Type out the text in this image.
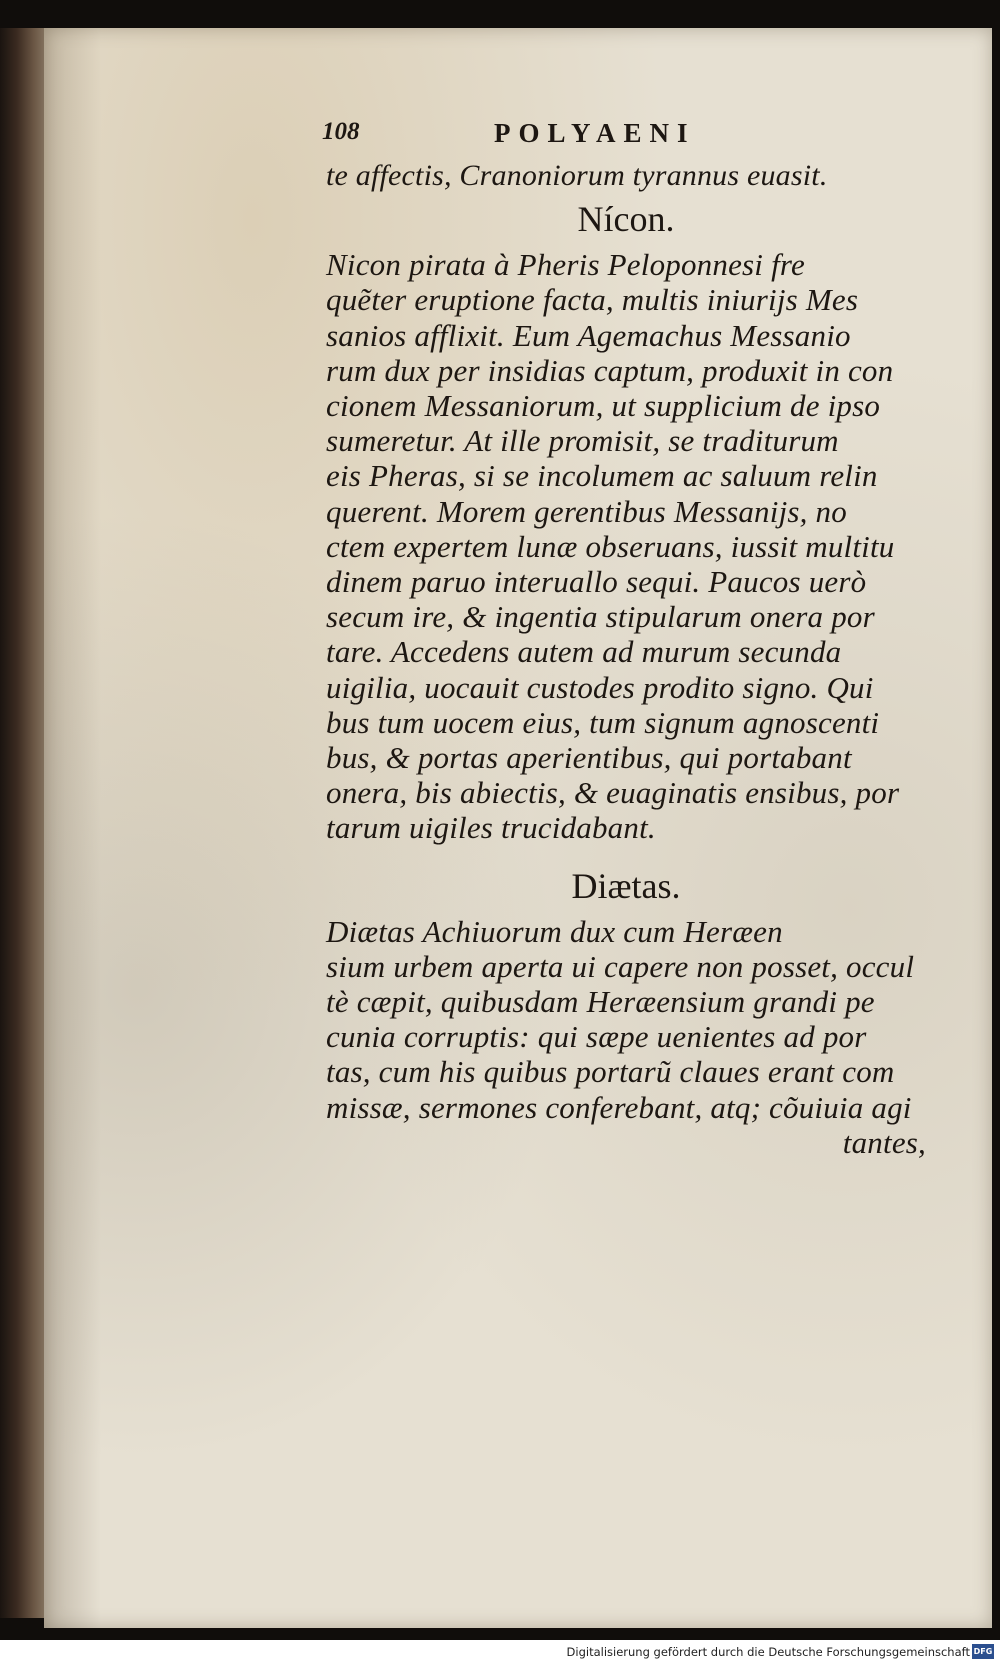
108	POLYAENI
te affectis, Cranoniorum tyrannus euasit.
Nícon.
Nicon pirata à Pheris Peloponnesi fre
quẽter eruptione facta, multis iniurijs Mes
sanios afflixit. Eum Agemachus Messanio
rum dux per insidias captum, produxit in con
cionem Messaniorum, ut supplicium de ipso
sumeretur. At ille promisit, se traditurum
eis Pheras, si se incolumem ac saluum relin
querent. Morem gerentibus Messanijs, no
ctem expertem lunæ obseruans, iussit multitu
dinem paruo interuallo sequi. Paucos uerò
secum ire, & ingentia stipularum onera por
tare. Accedens autem ad murum secunda
uigilia, uocauit custodes prodito signo. Qui
bus tum uocem eius, tum signum agnoscenti
bus, & portas aperientibus, qui portabant
onera, bis abiectis, & euaginatis ensibus, por
tarum uigiles trucidabant.
Diætas.
Diætas Achiuorum dux cum Heræen
sium urbem aperta ui capere non posset, occul
tè cæpit, quibusdam Heræensium grandi pe
cunia corruptis: qui sæpe uenientes ad por
tas, cum his quibus portarũ claues erant com
missæ, sermones conferebant, atq; cõuiuia agi
tantes,
Digitalisierung gefördert durch die Deutsche Forschungsgemeinschaft DFG
